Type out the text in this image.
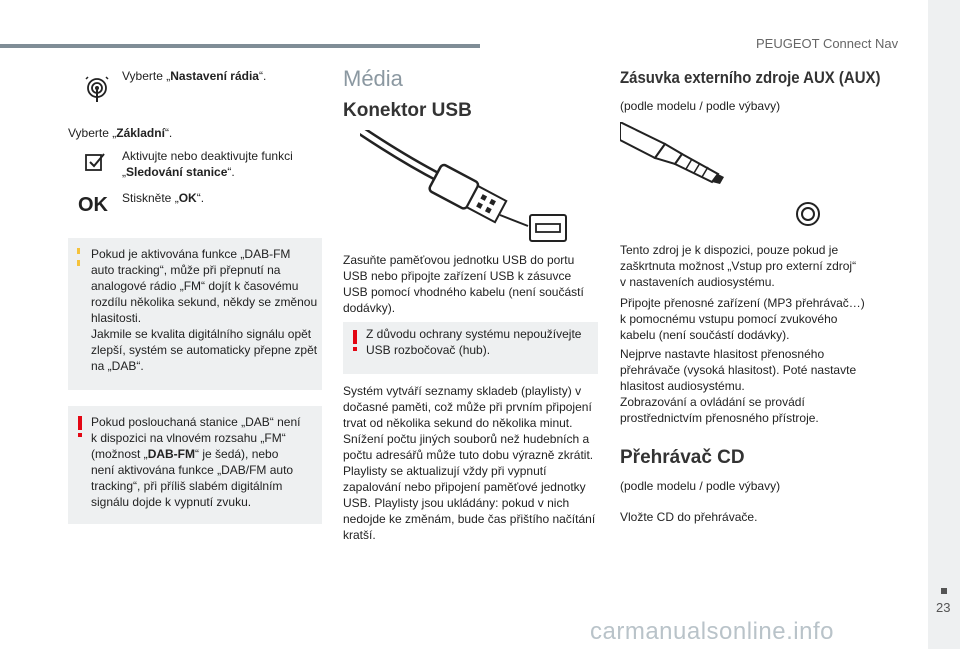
PEUGEOT Connect Nav
Vyberte „Nastavení rádia“.
Vyberte „Základní“.
Aktivujte nebo deaktivujte funkci
„Sledování stanice“.
OK Stiskněte „OK“.
Pokud je aktivována funkce „DAB-FM
auto tracking“, může při přepnutí na
analogové rádio „FM“ dojít k časovému
rozdílu několika sekund, někdy se změnou
hlasitosti.
Jakmile se kvalita digitálního signálu opět
zlepší, systém se automaticky přepne zpět
na „DAB“.
Pokud poslouchaná stanice „DAB“ není
k dispozici na vlnovém rozsahu „FM“
(možnost „DAB-FM“ je šedá), nebo
není aktivována funkce „DAB/FM auto
tracking“, při příliš slabém digitálním
signálu dojde k vypnutí zvuku.
Média
Konektor USB
Zasuňte paměťovou jednotku USB do portu
USB nebo připojte zařízení USB k zásuvce
USB pomocí vhodného kabelu (není součástí
dodávky).
Z důvodu ochrany systému nepoužívejte
USB rozbočovač (hub).
Systém vytváří seznamy skladeb (playlisty) v
dočasné paměti, což může při prvním připojení
trvat od několika sekund do několika minut.
Snížení počtu jiných souborů než hudebních a
počtu adresářů může tuto dobu výrazně zkrátit.
Playlisty se aktualizují vždy při vypnutí
zapalování nebo připojení paměťové jednotky
USB. Playlisty jsou ukládány: pokud v nich
nedojde ke změnám, bude čas přištího načítání
kratší.
Zásuvka externího zdroje AUX (AUX)
(podle modelu / podle výbavy)
Tento zdroj je k dispozici, pouze pokud je
zaškrtnuta možnost „Vstup pro externí zdroj“
v nastaveních audiosystému.
Připojte přenosné zařízení (MP3 přehrávač…)
k pomocnému vstupu pomocí zvukového
kabelu (není součástí dodávky).
Nejprve nastavte hlasitost přenosného
přehrávače (vysoká hlasitost). Poté nastavte
hlasitost audiosystému.
Zobrazování a ovládání se provádí
prostřednictvím přenosného přístroje.
Přehrávač CD
(podle modelu / podle výbavy)
Vložte CD do přehrávače.
23
carmanualsonline.info
